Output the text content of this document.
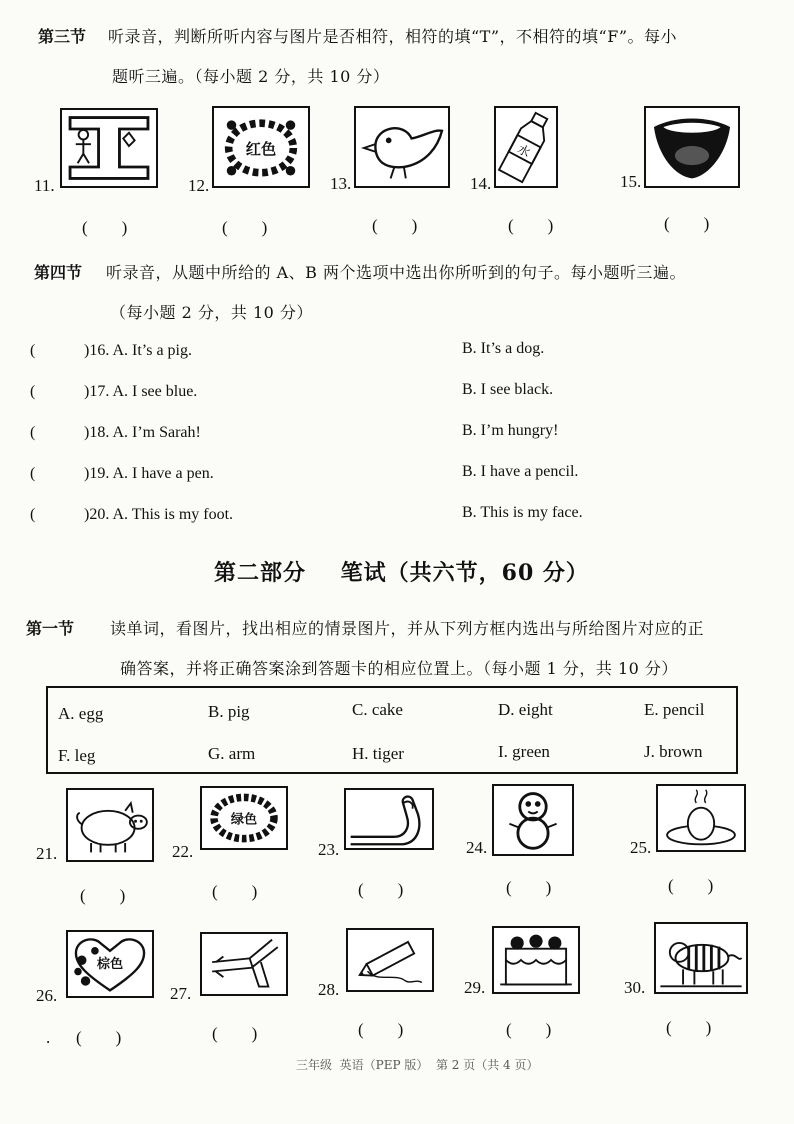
第三节 听录音，判断所听内容与图片是否相符，相符的填“T”，不相符的填“F”。每小
题听三遍。（每小题 2 分，共 10 分）
红色	水
11.	12.	13.	14.	15.
(        )	(        )	(        )	(        )	(        )
第四节 听录音，从题中所给的 A、B 两个选项中选出你所听到的句子。每小题听三遍。
（每小题 2 分，共 10 分）
(	)16. A. It’s a pig.	B. It’s a dog.
(	)17. A. I see blue.	B. I see black.
(	)18. A. I’m Sarah!	B. I’m hungry!
(	)19. A. I have a pen.	B. I have a pencil.
(	)20. A. This is my foot.	B. This is my face.
第二部分    笔试（共六节，60 分）
第一节 读单词，看图片，找出相应的情景图片，并从下列方框内选出与所给图片对应的正
确答案，并将正确答案涂到答题卡的相应位置上。（每小题 1 分，共 10 分）
A. egg	B. pig	C. cake	D. eight	E. pencil
F. leg	G. arm	H. tiger	I. green	J. brown
绿色
21.	22.	23.	24.	25.
(        )	(        )	(        )	(        )	(        )
棕色
26.	27.	28.	29.	30.
. (        )	(        )	(        )	(        )	(        )
三年级  英语（PEP 版）  第 2 页（共 4 页）
